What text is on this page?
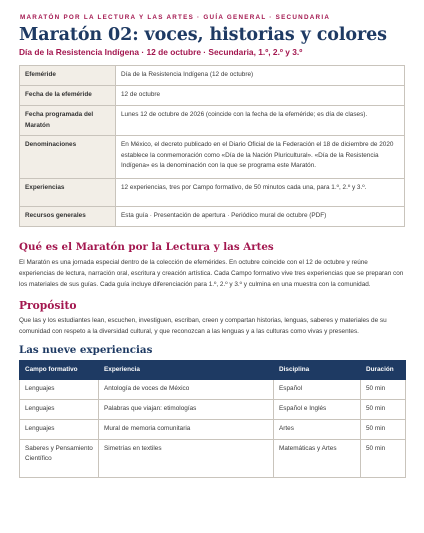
MARATÓN POR LA LECTURA Y LAS ARTES · GUÍA GENERAL · SECUNDARIA
Maratón 02: voces, historias y colores
Día de la Resistencia Indígena · 12 de octubre · Secundaria, 1.º, 2.º y 3.º
Efeméride	Día de la Resistencia Indígena (12 de octubre)
Fecha de la efeméride	12 de octubre
Fecha programada del Maratón	Lunes 12 de octubre de 2026 (coincide con la fecha de la efeméride; es día de clases).
Denominaciones	En México, el decreto publicado en el Diario Oficial de la Federación el 18 de diciembre de 2020 establece la conmemoración como «Día de la Nación Pluricultural». «Día de la Resistencia Indígena» es la denominación con la que se programa este Maratón.
Experiencias	12 experiencias, tres por Campo formativo, de 50 minutos cada una, para 1.º, 2.º y 3.º.
Recursos generales	Esta guía · Presentación de apertura · Periódico mural de octubre (PDF)
Qué es el Maratón por la Lectura y las Artes

El Maratón es una jornada especial dentro de la colección de efemérides. En octubre coincide con el 12 de octubre y reúne experiencias de lectura, narración oral, escritura y creación artística. Cada Campo formativo vive tres experiencias que se preparan con los materiales de sus guías. Cada guía incluye diferenciación para 1.º, 2.º y 3.º y culmina en una muestra con la comunidad.

Propósito

Que las y los estudiantes lean, escuchen, investiguen, escriban, creen y compartan historias, lenguas, saberes y materiales de su comunidad con respeto a la diversidad cultural, y que reconozcan a las lenguas y a las culturas como vivas y presentes.

Las nueve experiencias
Campo formativo	Experiencia	Disciplina	Duración
Lenguajes	Antología de voces de México	Español	50 min
Lenguajes	Palabras que viajan: etimologías	Español e Inglés	50 min
Lenguajes	Mural de memoria comunitaria	Artes	50 min
Saberes y Pensamiento Científico	Simetrías en textiles	Matemáticas y Artes	50 min
